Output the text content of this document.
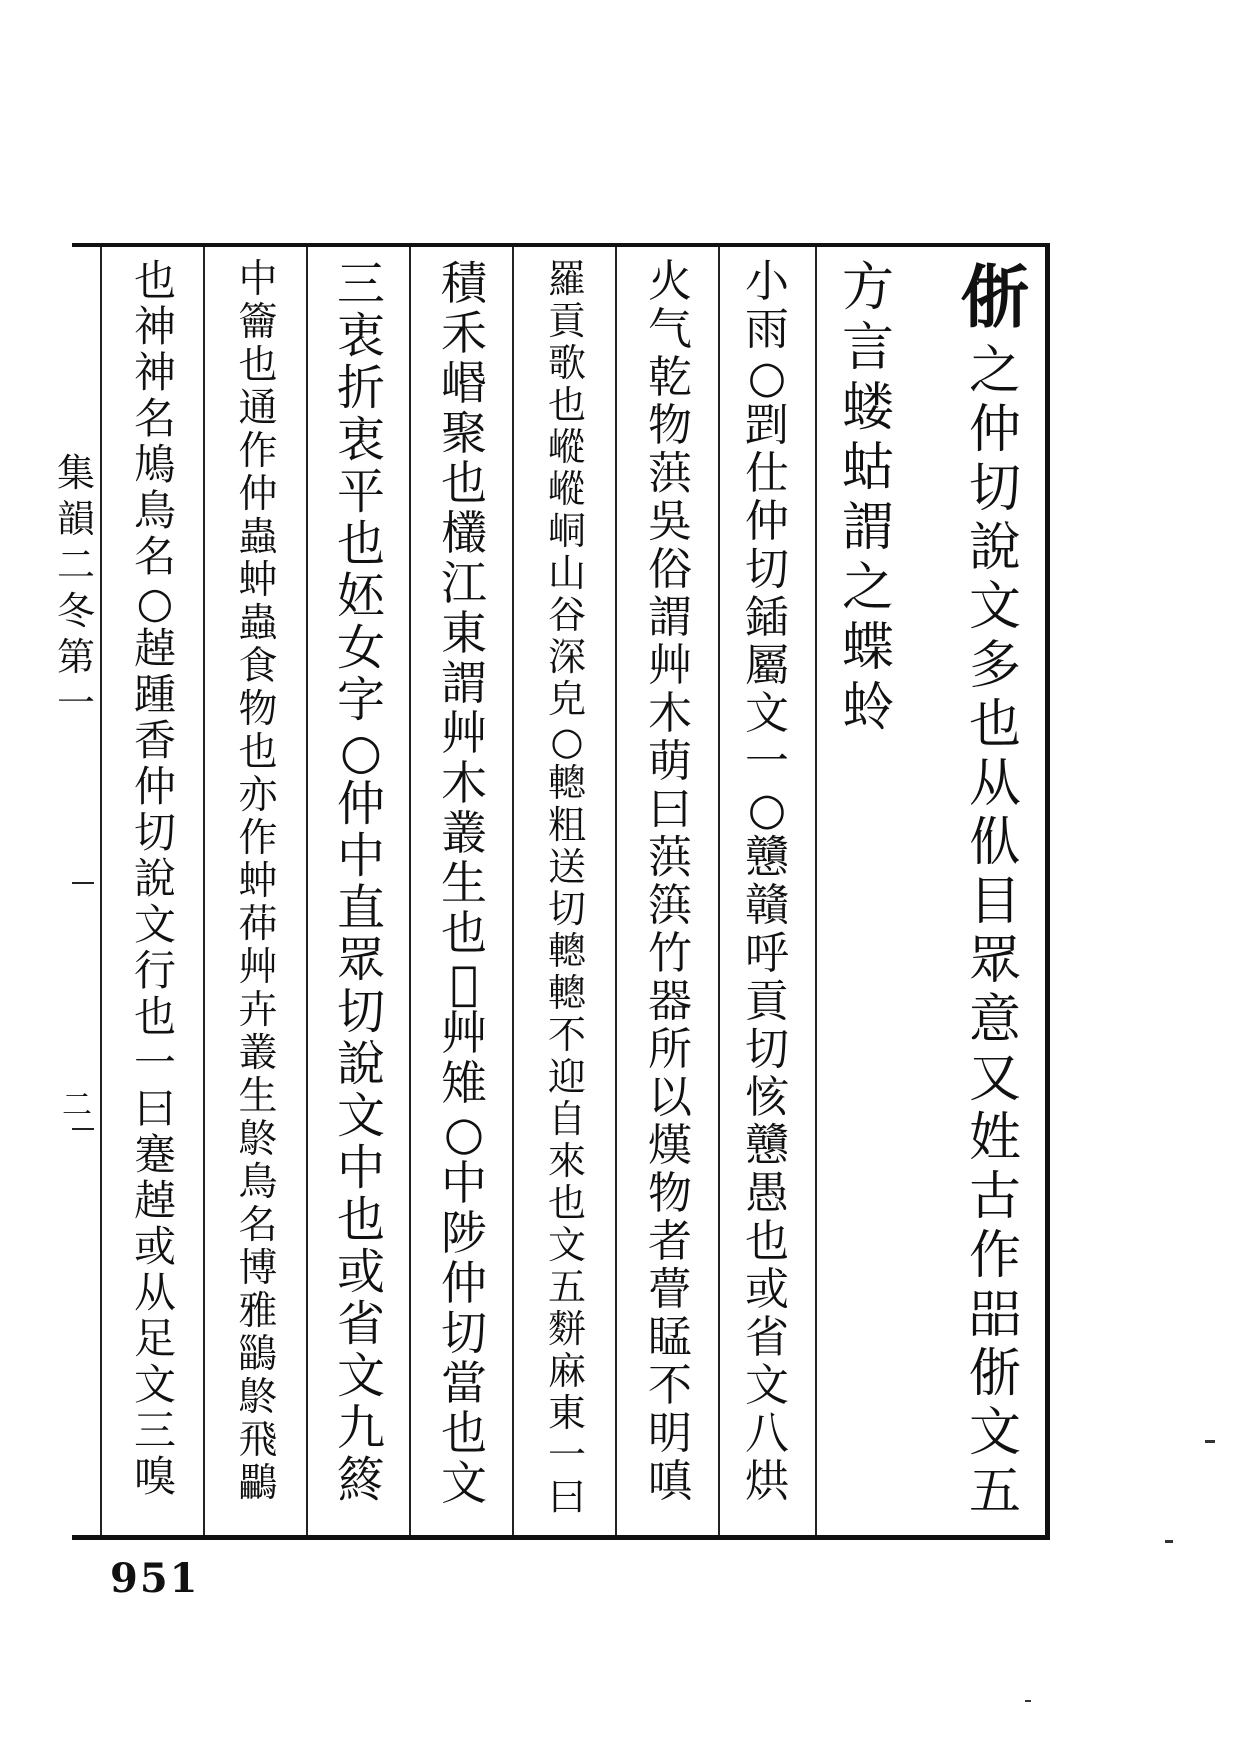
集
韻
二
冬
第
一
二
㑜
之
仲
切
說
文
多
也
从
㐺
目
眾
意
又
姓
古
作
㗊
㑜
文
五
方
言
蝼
蛄
謂
之
蝶
蛉
小
雨
○
㓻
仕
仲
切
鍤
屬
文
一
○
戇
贛
呼
貢
切
㤥
戇
愚
也
或
省
文
八
烘
火
气
乾
物
葓
吳
俗
謂
艸
木
萌
曰
葓
篊
竹
器
所
以
熯
物
者
瞢
䁅
不
明
嗔
羅
貢
歌
也
嵷
嵷
峒
山
谷
深
皃
○
䡯
粗
送
切
䡯
䡯
不
迎
自
來
也
文
五
䴵
麻
東
一
曰
積
禾
㟭
聚
也
欉
江
東
謂
艸
木
叢
生
也
𦲫
艸
雉
○
中
陟
仲
切
當
也
文
三
衷
折
衷
平
也
㚰
女
字
○
仲
中
直
眾
切
說
文
中
也
或
省
文
九
䈺
中
籥
也
通
作
仲
蟲
蚛
蟲
食
物
也
亦
作
蚛
茽
艸
卉
叢
生
鴤
鳥
名
博
雅
鶅
鴤
飛
鸓
也
神
神
名
鳩
鳥
名
○
趠
踵
香
仲
切
說
文
行
也
一
曰
蹇
趠
或
从
足
文
三
嗅
951
